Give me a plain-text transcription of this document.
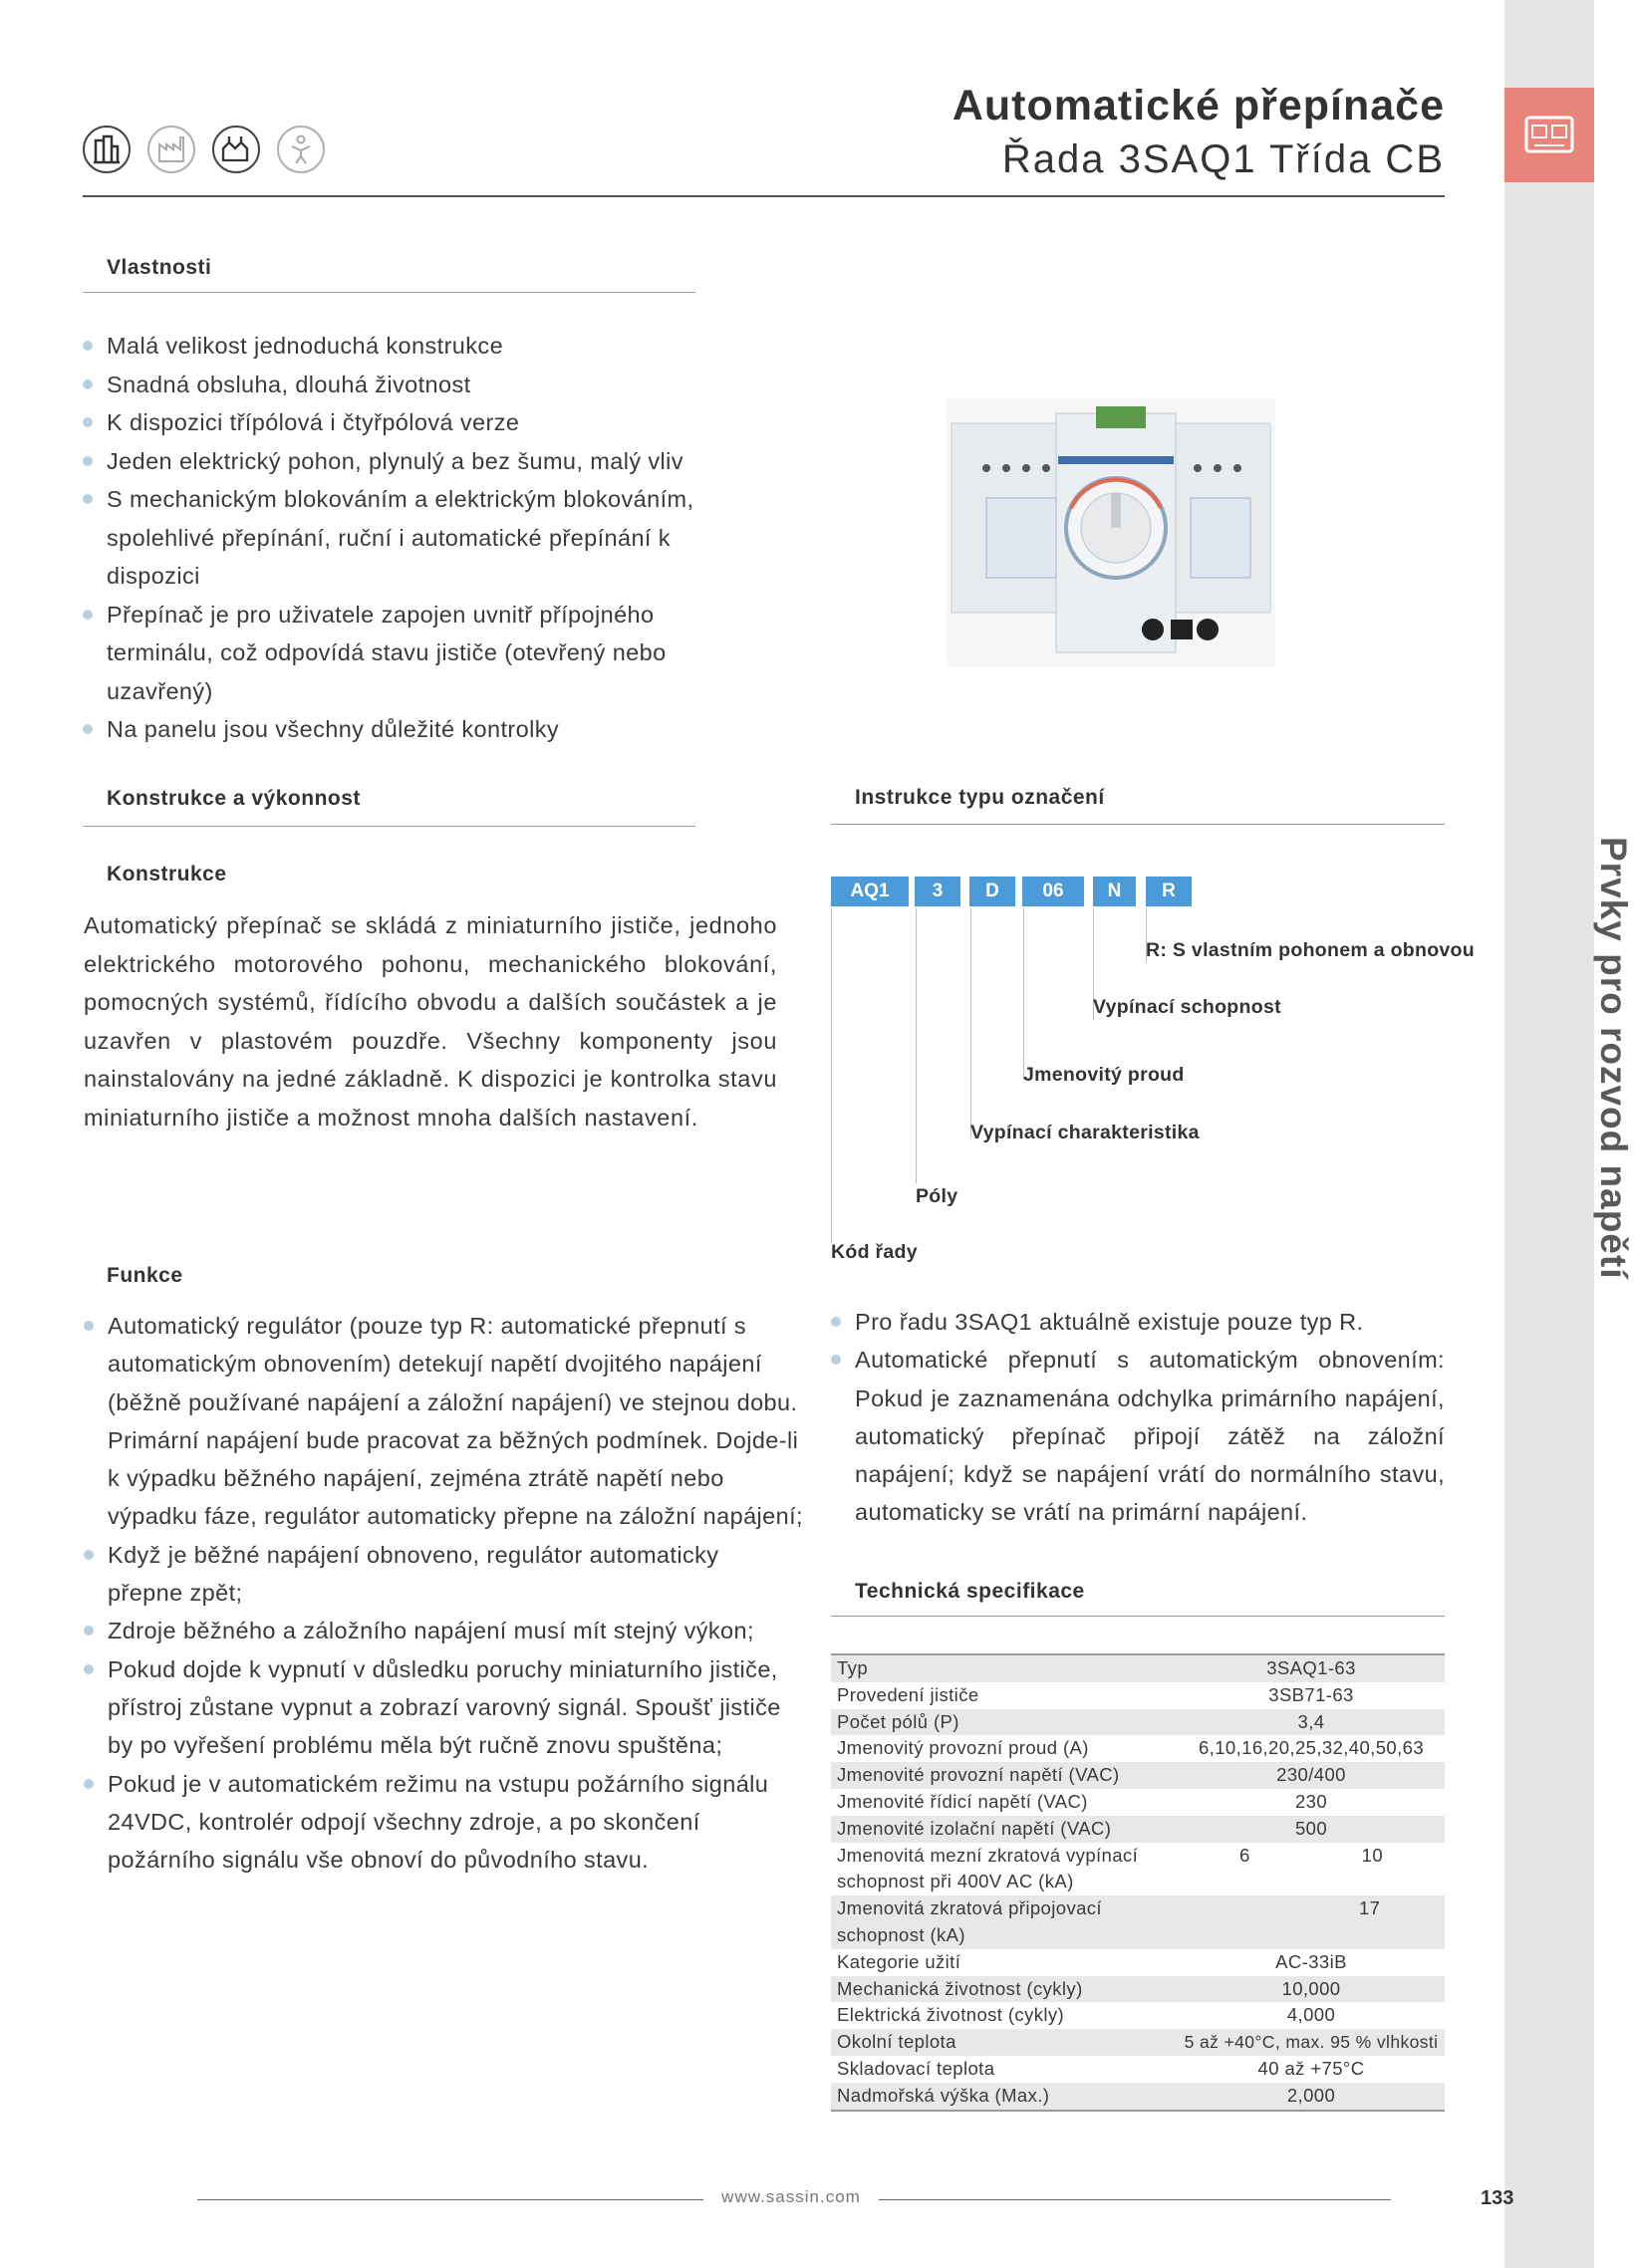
Prvky pro rozvod napětí
Automatické přepínače
Řada 3SAQ1 Třída CB
Vlastnosti
Malá velikost jednoduchá konstrukce
Snadná obsluha, dlouhá životnost
K dispozici třípólová i čtyřpólová verze
Jeden elektrický pohon, plynulý a bez šumu, malý vliv
S mechanickým blokováním a elektrickým blokováním, spolehlivé přepínání, ruční i automatické přepínání k dispozici
Přepínač je pro uživatele zapojen uvnitř přípojného terminálu, což odpovídá stavu jističe (otevřený nebo uzavřený)
Na panelu jsou všechny důležité kontrolky
Konstrukce a výkonnost
Konstrukce
Automatický přepínač se skládá z miniaturního jističe, jednoho elektrického motorového pohonu, mechanického blokování, pomocných systémů, řídícího obvodu a dalších součástek a je uzavřen v plastovém pouzdře. Všechny komponenty jsou nainstalovány na jedné základně. K dispozici je kontrolka stavu miniaturního jističe a možnost mnoha dalších nastavení.
Funkce
Automatický regulátor (pouze typ R: automatické přepnutí s automatickým obnovením) detekují napětí dvojitého napájení (běžně používané napájení a záložní napájení) ve stejnou dobu. Primární napájení bude pracovat za běžných podmínek. Dojde-li k výpadku běžného napájení, zejména ztrátě napětí nebo výpadku fáze, regulátor automaticky přepne na záložní napájení;
Když je běžné napájení obnoveno, regulátor automaticky přepne zpět;
Zdroje běžného a záložního napájení musí mít stejný výkon;
Pokud dojde k vypnutí v důsledku poruchy miniaturního jističe, přístroj zůstane vypnut a zobrazí varovný signál. Spoušť jističe by po vyřešení problému měla být ručně znovu spuštěna;
Pokud je v automatickém režimu na vstupu požárního signálu 24VDC, kontrolér odpojí všechny zdroje, a po skončení požárního signálu vše obnoví do původního stavu.
Instrukce typu označení
AQ1	3	D	06	N	R
R: S vlastním pohonem a obnovou
Vypínací schopnost
Jmenovitý proud
Vypínací charakteristika
Póly
Kód řady
Pro řadu 3SAQ1 aktuálně existuje pouze typ R.
Automatické přepnutí s automatickým obnovením: Pokud je zaznamenána odchylka primárního napájení, automatický přepínač připojí zátěž na záložní napájení; když se napájení vrátí do normálního stavu, automaticky se vrátí na primární napájení.
Technická specifikace
Typ	3SAQ1-63
Provedení jističe	3SB71-63
Počet pólů (P)	3,4
Jmenovitý provozní proud (A)	6,10,16,20,25,32,40,50,63
Jmenovité provozní napětí (VAC)	230/400
Jmenovité řídicí napětí (VAC)	230
Jmenovité izolační napětí (VAC)	500
Jmenovitá mezní zkratová vypínací schopnost při 400V AC (kA)	6 10

Jmenovitá zkratová připojovací schopnost (kA)	17

Kategorie užití	AC-33iB
Mechanická životnost (cykly)	10,000
Elektrická životnost (cykly)	4,000
Okolní teplota	5 až +40°C, max. 95 % vlhkosti
Skladovací teplota	40 až +75°C
Nadmořská výška (Max.)	2,000
www.sassin.com	133
